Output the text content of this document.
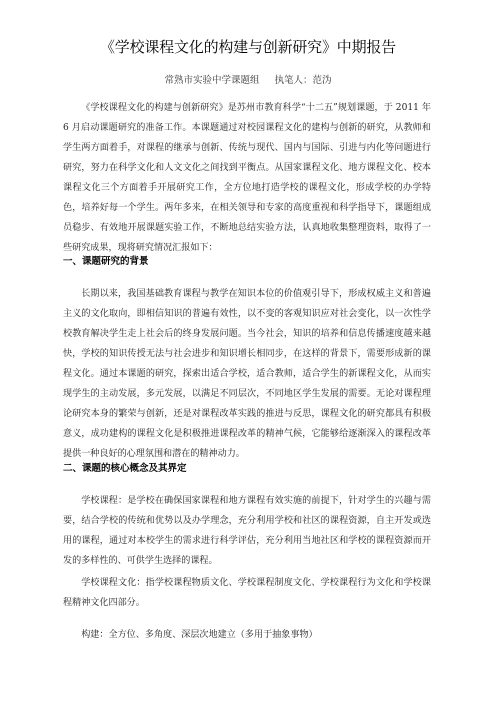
《学校课程文化的构建与创新研究》中期报告
常熟市实验中学课题组 执笔人：范沩

《学校课程文化的构建与创新研究》是苏州市教育科学“十二五”规划课题，于 2011 年 6 月启动课题研究的准备工作。本课题通过对校园课程文化的建构与创新的研究，从教师和学生两方面着手，对课程的继承与创新、传统与现代、国内与国际、引进与内化等问题进行研究，努力在科学文化和人文文化之间找到平衡点。从国家课程文化、地方课程文化、校本课程文化三个方面着手开展研究工作，全方位地打造学校的课程文化，形成学校的办学特色，培养好每一个学生。两年多来，在相关领导和专家的高度重视和科学指导下，课题组成员稳步、有效地开展课题实验工作，不断地总结实验方法，认真地收集整理资料，取得了一些研究成果，现将研究情况汇报如下：

一、课题研究的背景

长期以来，我国基础教育课程与教学在知识本位的价值观引导下，形成权威主义和普遍主义的文化取向，即相信知识的普遍有效性，以不变的客观知识应对社会变化，以一次性学校教育解决学生走上社会后的终身发展问题。当今社会，知识的培养和信息传播速度越来越快，学校的知识传授无法与社会进步和知识增长相同步，在这样的背景下，需要形成新的课程文化。通过本课题的研究，探索出适合学校，适合教师，适合学生的新课程文化，从而实现学生的主动发展，多元发展，以满足不同层次，不同地区学生发展的需要。无论对课程理论研究本身的繁荣与创新，还是对课程改革实践的推进与反思，课程文化的研究都具有积极意义，成功建构的课程文化是积极推进课程改革的精神气候，它能够给逐渐深入的课程改革提供一种良好的心理氛围和潜在的精神动力。

二、课题的核心概念及其界定

学校课程：是学校在确保国家课程和地方课程有效实施的前提下，针对学生的兴趣与需要，结合学校的传统和优势以及办学理念，充分利用学校和社区的课程资源，自主开发或选用的课程，通过对本校学生的需求进行科学评估，充分利用当地社区和学校的课程资源而开发的多样性的、可供学生选择的课程。

学校课程文化：指学校课程物质文化、学校课程制度文化、学校课程行为文化和学校课程精神文化四部分。

构建：全方位、多角度、深层次地建立（多用于抽象事物）
